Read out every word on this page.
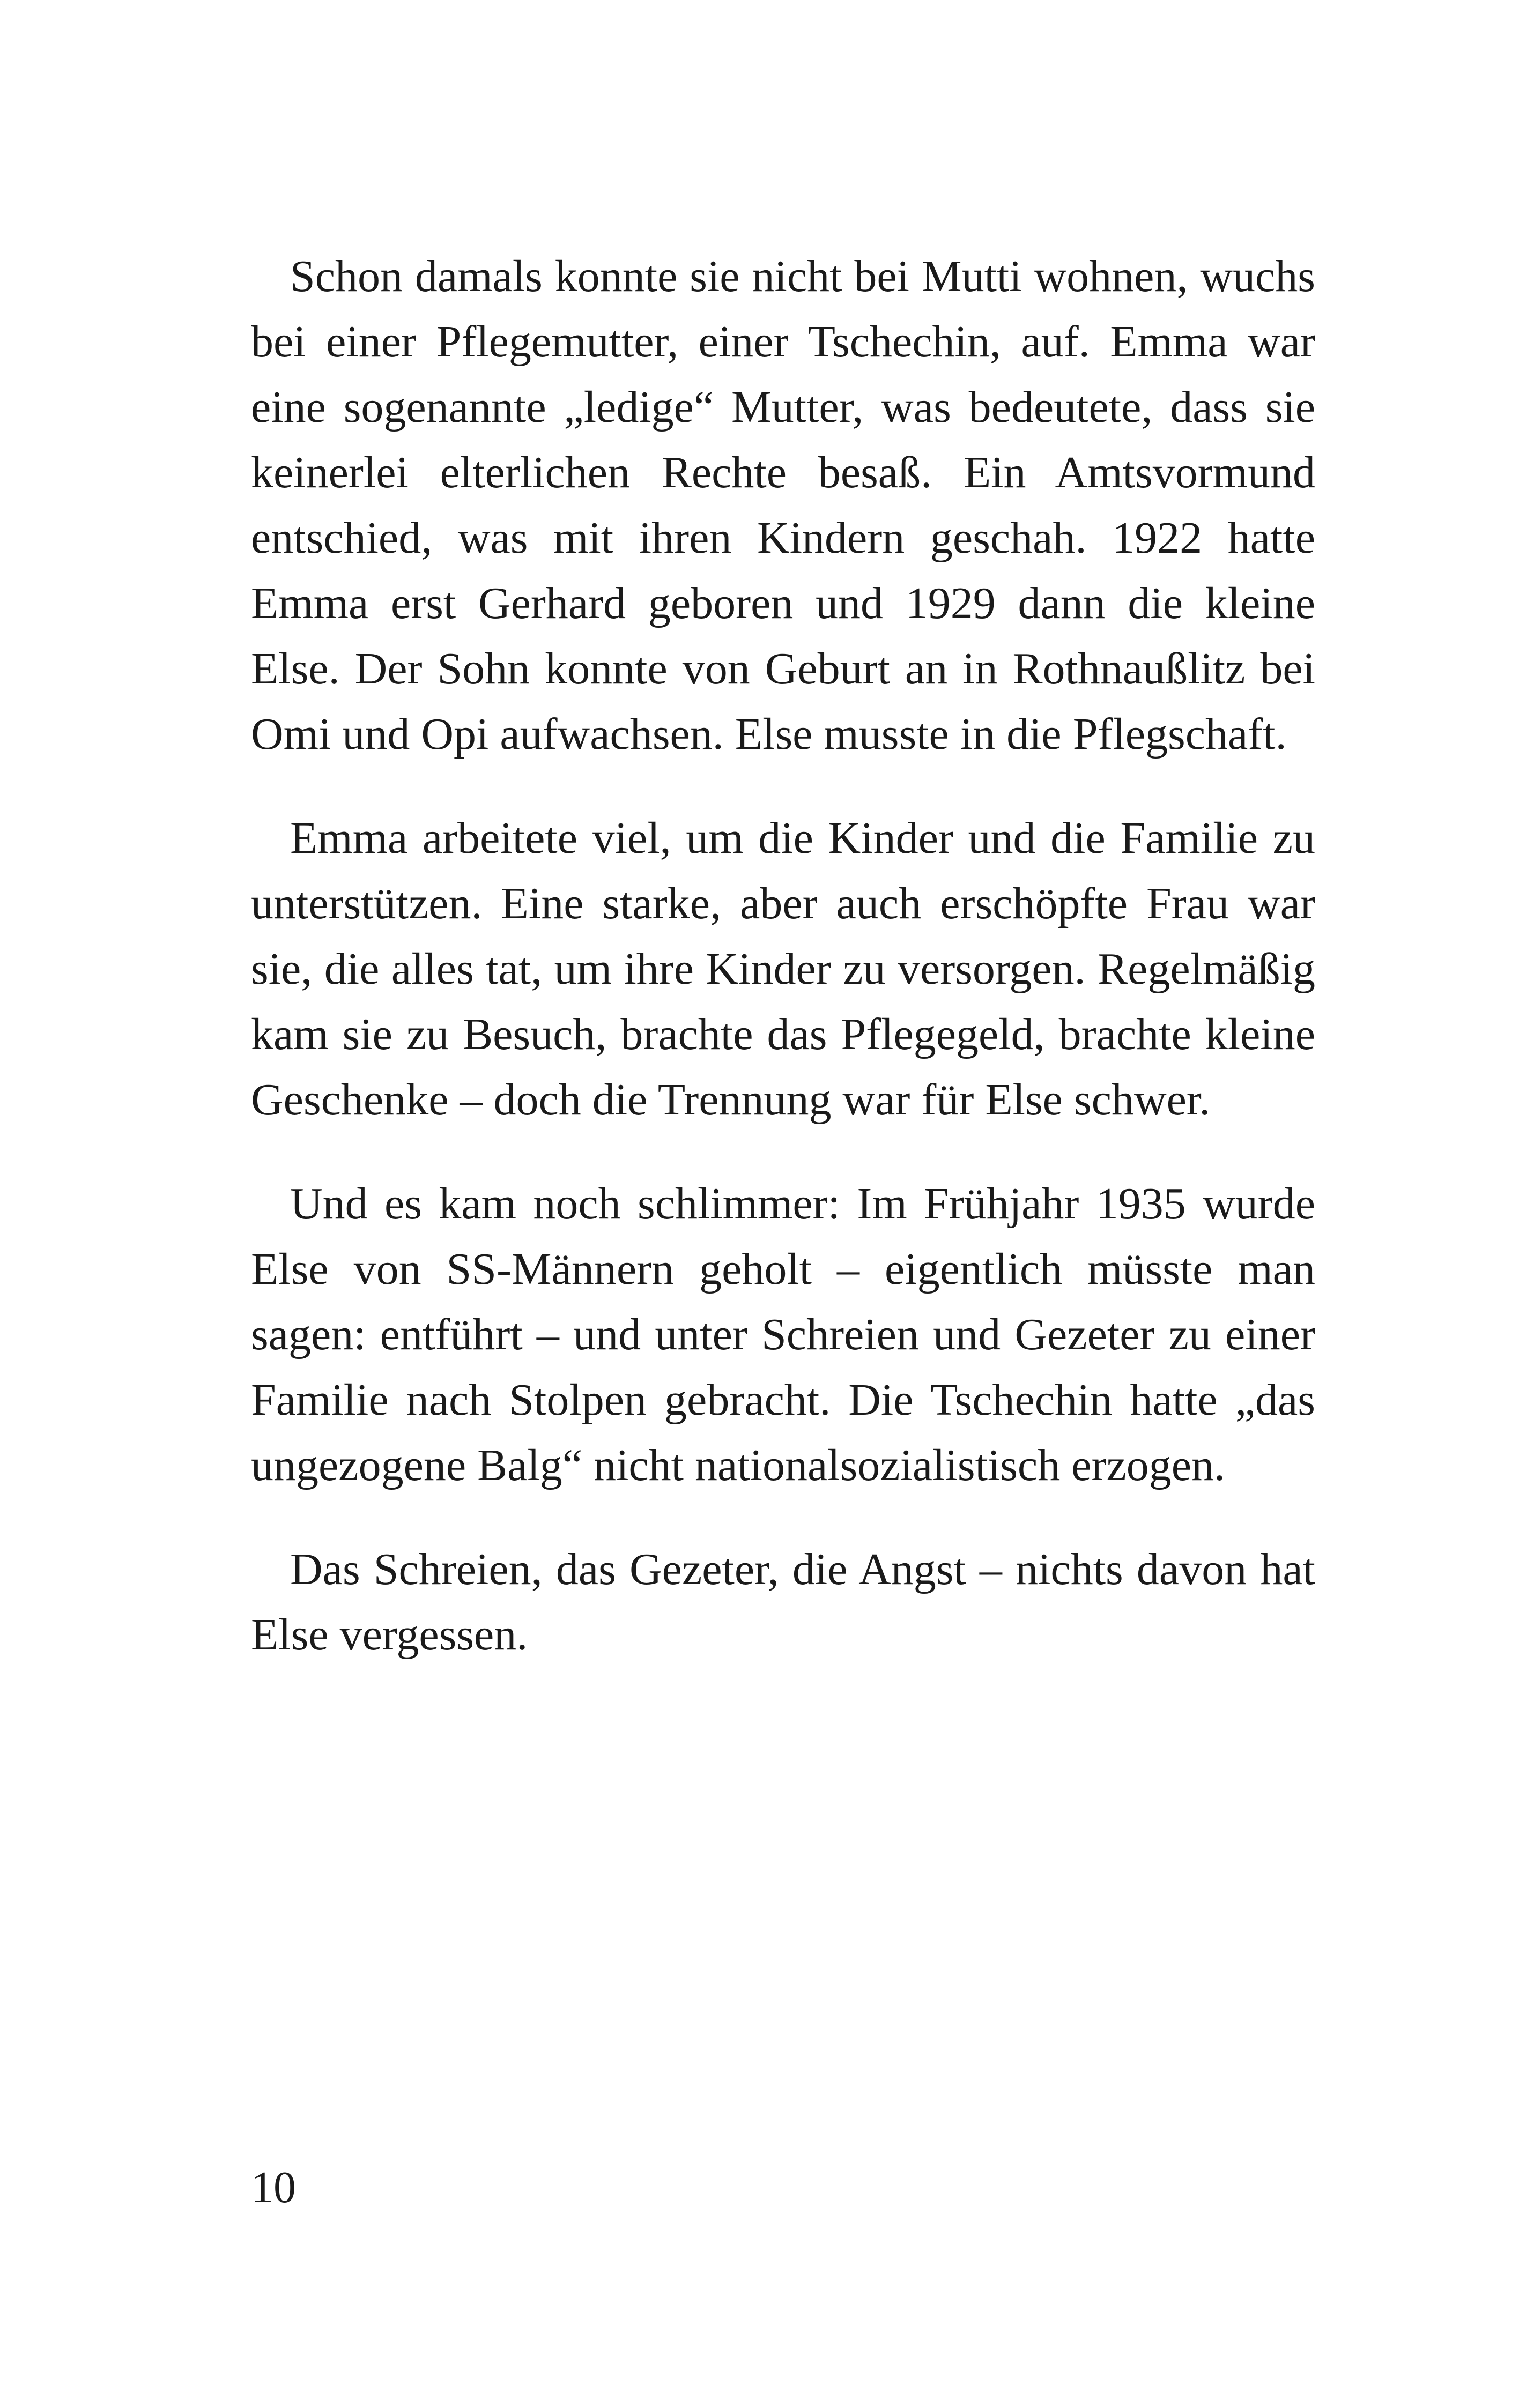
Schon damals konnte sie nicht bei Mutti wohnen, wuchs bei einer Pflegemutter, einer Tschechin, auf. Emma war eine sogenannte „ledige“ Mutter, was bedeutete, dass sie keinerlei elterlichen Rechte besaß. Ein Amtsvormund entschied, was mit ihren Kindern geschah. 1922 hatte Emma erst Gerhard geboren und 1929 dann die kleine Else. Der Sohn konnte von Geburt an in Rothnaußlitz bei Omi und Opi aufwachsen. Else musste in die Pflegschaft.

Emma arbeitete viel, um die Kinder und die Familie zu unterstützen. Eine starke, aber auch erschöpfte Frau war sie, die alles tat, um ihre Kinder zu versorgen. Regelmäßig kam sie zu Besuch, brachte das Pflegegeld, brachte kleine Geschenke – doch die Trennung war für Else schwer.

Und es kam noch schlimmer: Im Frühjahr 1935 wurde Else von SS-Männern geholt – eigentlich müsste man sagen: entführt – und unter Schreien und Gezeter zu einer Familie nach Stolpen gebracht. Die Tschechin hatte „das ungezogene Balg“ nicht nationalsozialistisch erzogen.

Das Schreien, das Gezeter, die Angst – nichts davon hat Else vergessen.

10
